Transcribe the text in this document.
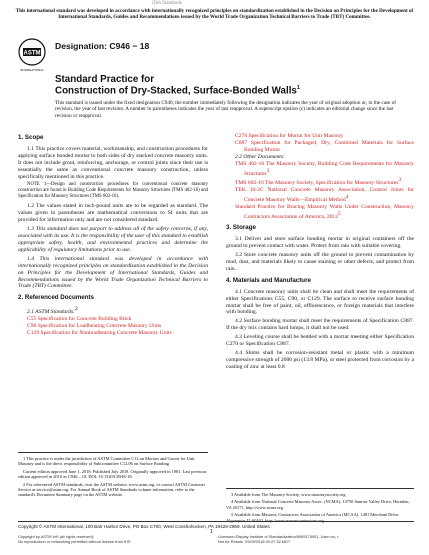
This international standard was developed in accordance with internationally recognized principles on standardization established in the Decision on Principles for the Development of International Standards, Guides and Recommendations issued by the World Trade Organization Technical Barriers to Trade (TBT) Committee.
iTeh Standards
ASTM
INTERNATIONAL
Designation: C946 − 18
Standard Practice for
Construction of Dry-Stacked, Surface-Bonded Walls$^1$
This standard is issued under the fixed designation C946; the number immediately following the designation indicates the year of original adoption or, in the case of revision, the year of last revision. A number in parentheses indicates the year of last reapproval. A superscript epsilon (ε) indicates an editorial change since the last revision or reapproval.
1. Scope

1.1 This practice covers material, workmanship, and construction procedures for applying surface bonded mortar to both sides of dry stacked concrete masonry units. It does not include grout, reinforcing, anchorage, or control joints since their use is essentially the same as conventional concrete masonry construction, unless specifically mentioned in this practice.

NOTE 1—Design and construction procedures for conventional concrete masonry construction are found in Building Code Requirements for Masonry Structures (TMS 402-16) and Specification for Masonry Structures (TMS 602-16).

1.2 The values stated in inch-pound units are to be regarded as standard. The values given in parentheses are mathematical conversions to SI units that are provided for information only and are not considered standard.

1.3 This standard does not purport to address all of the safety concerns, if any, associated with its use. It is the responsibility of the user of this standard to establish appropriate safety, health, and environmental practices and determine the applicability of regulatory limitations prior to use.

1.4 This international standard was developed in accordance with internationally recognized principles on standardization established in the Decision on Principles for the Development of International Standards, Guides and Recommendations issued by the World Trade Organization Technical Barriers to Trade (TBT) Committee.

2. Referenced Documents

2.1 ASTM Standards:2

C55 Specification for Concrete Building Brick

C90 Specification for Loadbearing Concrete Masonry Units

C129 Specification for Nonloadbearing Concrete Masonry Units

C270 Specification for Mortar for Unit Masonry

C887 Specification for Packaged, Dry, Combined Materials for Surface Bonding Mortar

2.2 Other Documents:

TMS 402-16 The Masonry Society, Building Code Requirements for Masonry Structures3

TMS 602-16 The Masonry Society, Specification for Masonry Structures3

TEK 10-2C National Concrete Masonry Association, Control Joints for Concrete Masonry Walls—Empirical Method4

Standard Practice for Bracing Masonry Walls Under Construction, Masonry Contractors Association of America, 20125

3. Storage

3.1 Deliver and store surface bonding mortar in original containers off the ground to prevent contact with water. Protect from rain with suitable covering.

3.2 Store concrete masonry units off the ground to prevent contamination by mud, dust, and materials likely to cause staining or other defects, and protect from rain.

4. Materials and Manufacture

4.1 Concrete masonry units shall be clean and shall meet the requirements of either Specifications C55, C90, or C129. The surface to receive surface bonding mortar shall be free of paint, oil, efflorescence, or foreign materials that interfere with bonding.

4.2 Surface bonding mortar shall meet the requirements of Specification C887. If the dry mix contains hard lumps, it shall not be used.

4.3 Leveling course shall be bedded with a mortar meeting either Specification C270 or Specification C887.

4.4 Shims shall be corrosion-resistant metal or plastic with a minimum compressive strength of 2000 psi (13.8 MPa), or steel protected from corrosion by a coating of zinc at least 0.8

1 This practice is under the jurisdiction of ASTM Committee C12 on Mortars and Grouts for Unit Masonry and is the direct responsibility of Subcommittee C12.06 on Surface Bonding.
Current edition approved June 1, 2018. Published July 2018. Originally approved in 1981. Last previous edition approved in 2010 as C946 – 10. DOI: 10.1520/C0946-18.
2 For referenced ASTM standards, visit the ASTM website, www.astm.org, or contact ASTM Customer Service at service@astm.org. For Annual Book of ASTM Standards volume information, refer to the standard's Document Summary page on the ASTM website.	3 Available from The Masonry Society, www.masonrysociety.org
4 Available from National Concrete Masonry Assoc. (NCMA), 13750 Sunrise Valley Drive, Herndon, VA 20171, http://www.ncma.org
5 Available from Masonry Contractors Association of America (MCAA), 1481 Merchant Drive, Algonquin, IL 60102, http://www.masoncontractors.org.
Copyright © ASTM International, 100 Barr Harbor Drive, PO Box C700, West Conshohocken, PA 19428-2959. United States
1
Copyright by ASTM Int'l (all rights reserved);
No reproduction or networking permitted without license from IHS
Licensee=Display Institute of Standardization/5959175001, User=co, r
Not for Resale, 09/09/2018 00:27:32 MDT
